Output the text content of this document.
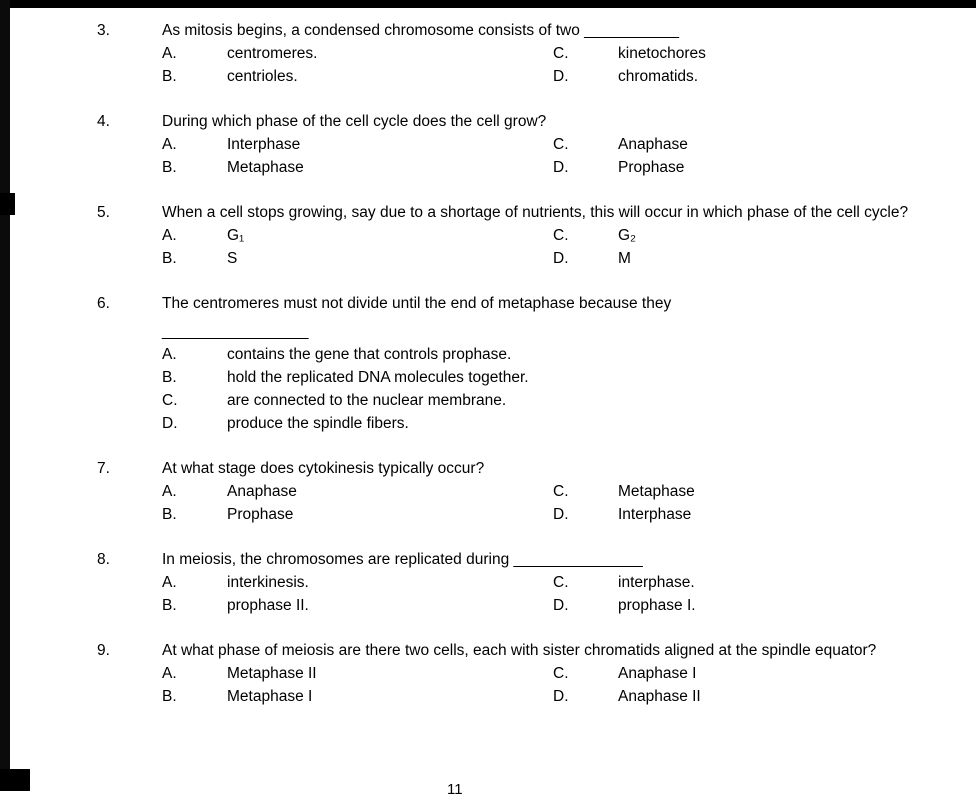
3.	As mitosis begins, a condensed chromosome consists of two ___________
A.	centromeres.	C.	kinetochores
B.	centrioles.	D.	chromatids.
4.	During which phase of the cell cycle does the cell grow?
A.	Interphase	C.	Anaphase
B.	Metaphase	D.	Prophase
5.	When a cell stops growing, say due to a shortage of nutrients, this will occur in which phase of the cell cycle?
A.	G₁	C.	G₂
B.	S	D.	M
6.	The centromeres must not divide until the end of metaphase because they
_________________
A.	contains the gene that controls prophase.
B.	hold the replicated DNA molecules together.
C.	are connected to the nuclear membrane.
D.	produce the spindle fibers.
7.	At what stage does cytokinesis typically occur?
A.	Anaphase	C.	Metaphase
B.	Prophase	D.	Interphase
8.	In meiosis, the chromosomes are replicated during _______________
A.	interkinesis.	C.	interphase.
B.	prophase II.	D.	prophase I.
9.	At what phase of meiosis are there two cells, each with sister chromatids aligned at the spindle equator?
A.	Metaphase II	C.	Anaphase I
B.	Metaphase I	D.	Anaphase II
11
